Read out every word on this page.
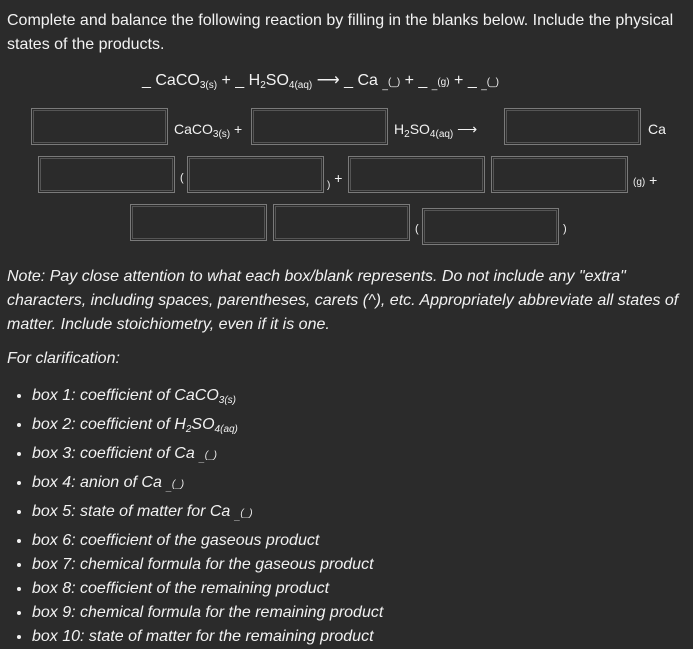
Complete and balance the following reaction by filling in the blanks below. Include the physical states of the products.
_ CaCO$_{3(s)}$ + _ $H_2SO_{4(aq)}$ ⟶ _ Ca $_{\_}$(_) + _ $_{\_}$(g) + _ $_{\_}$(_)
CaCO$_{3(s)}$ +	$H_2SO_{4(aq)}$ ⟶	Ca
(
) +	(g) +
(	)
Note: Pay close attention to what each box/blank represents. Do not include any "extra" characters, including spaces, parentheses, carets (^), etc. Appropriately abbreviate all states of matter. Include stoichiometry, even if it is one.
For clarification:
• box 1: coefficient of CaCO$_{3(s)}$
• box 2: coefficient of $H_2SO_{4(aq)}$
• box 3: coefficient of Ca $_{\_}$(_)
• box 4: anion of Ca $_{\_}$(_)
• box 5: state of matter for Ca $_{\_}$(_)
• box 6: coefficient of the gaseous product
• box 7: chemical formula for the gaseous product
• box 8: coefficient of the remaining product
• box 9: chemical formula for the remaining product
• box 10: state of matter for the remaining product
